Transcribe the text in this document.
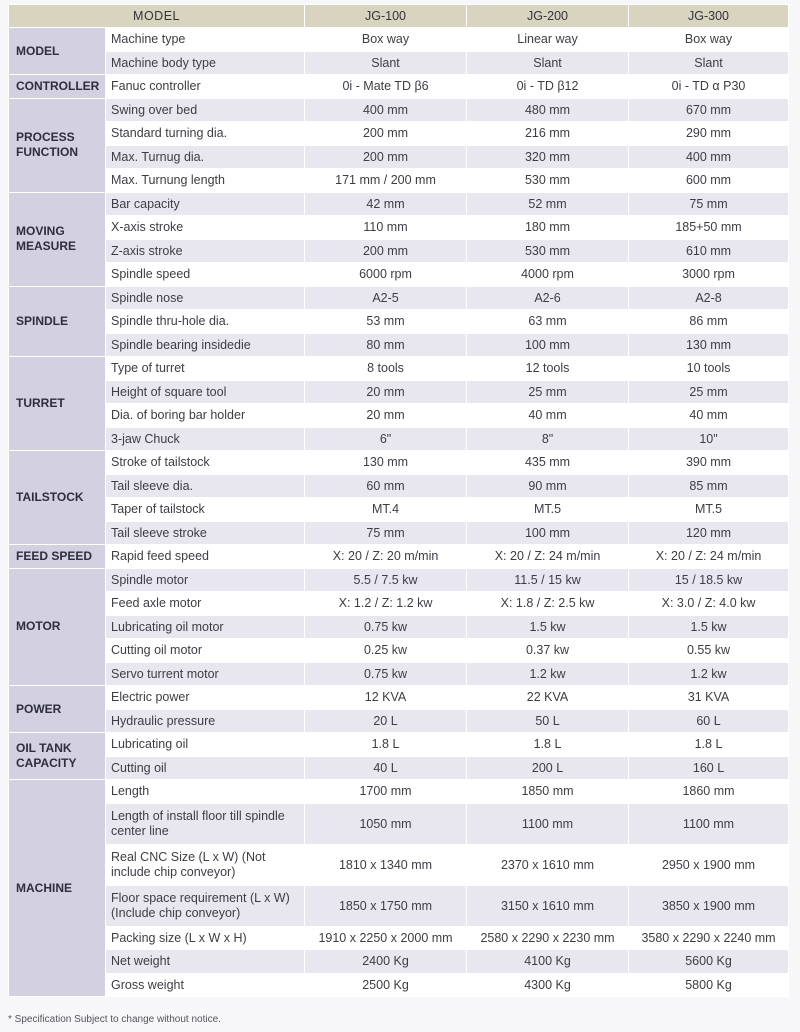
MODEL		JG-100	JG-200	JG-300
MODEL	Machine type	Box way	Linear way	Box way
	Machine body type	Slant	Slant	Slant
CONTROLLER	Fanuc controller	0i - Mate TD β6	0i - TD β12	0i - TD α P30
PROCESS FUNCTION	Swing over bed	400 mm	480 mm	670 mm
	Standard turning dia.	200 mm	216 mm	290 mm
	Max. Turnug dia.	200 mm	320 mm	400 mm
	Max. Turnung length	171 mm / 200 mm	530 mm	600 mm
MOVING MEASURE	Bar capacity	42 mm	52 mm	75 mm
	X-axis stroke	110 mm	180 mm	185+50 mm
	Z-axis stroke	200 mm	530 mm	610 mm
	Spindle speed	6000 rpm	4000 rpm	3000 rpm
SPINDLE	Spindle nose	A2-5	A2-6	A2-8
	Spindle thru-hole dia.	53 mm	63 mm	86 mm
	Spindle bearing insidedie	80 mm	100 mm	130 mm
TURRET	Type of turret	8 tools	12 tools	10 tools
	Height of square tool	20 mm	25 mm	25 mm
	Dia. of boring bar holder	20 mm	40 mm	40 mm
	3-jaw Chuck	6"	8"	10"
TAILSTOCK	Stroke of tailstock	130 mm	435 mm	390 mm
	Tail sleeve dia.	60 mm	90 mm	85 mm
	Taper of tailstock	MT.4	MT.5	MT.5
	Tail sleeve stroke	75 mm	100 mm	120 mm
FEED SPEED	Rapid feed speed	X: 20 / Z: 20 m/min	X: 20 / Z: 24 m/min	X: 20 / Z: 24 m/min
MOTOR	Spindle motor	5.5 / 7.5 kw	11.5 / 15 kw	15 / 18.5 kw
	Feed axle motor	X: 1.2 / Z: 1.2 kw	X: 1.8 / Z: 2.5 kw	X: 3.0 / Z: 4.0 kw
	Lubricating oil motor	0.75 kw	1.5 kw	1.5 kw
	Cutting oil motor	0.25 kw	0.37 kw	0.55 kw
	Servo turrent motor	0.75 kw	1.2 kw	1.2 kw
POWER	Electric power	12 KVA	22 KVA	31 KVA
	Hydraulic pressure	20 L	50 L	60 L
OIL TANK CAPACITY	Lubricating oil	1.8 L	1.8 L	1.8 L
	Cutting oil	40 L	200 L	160 L
MACHINE	Length	1700 mm	1850 mm	1860 mm
	Length of install floor till spindle center line	1050 mm	1100 mm	1100 mm
	Real CNC Size (L x W) (Not include chip conveyor)	1810 x 1340 mm	2370 x 1610 mm	2950 x 1900 mm
	Floor space requirement (L x W) (Include chip conveyor)	1850 x 1750 mm	3150 x 1610 mm	3850 x 1900 mm
	Packing size (L x W x H)	1910 x 2250 x 2000 mm	2580 x 2290 x 2230 mm	3580 x 2290 x 2240 mm
	Net weight	2400 Kg	4100 Kg	5600 Kg
	Gross weight	2500 Kg	4300 Kg	5800 Kg
* Specification Subject to change without notice.
